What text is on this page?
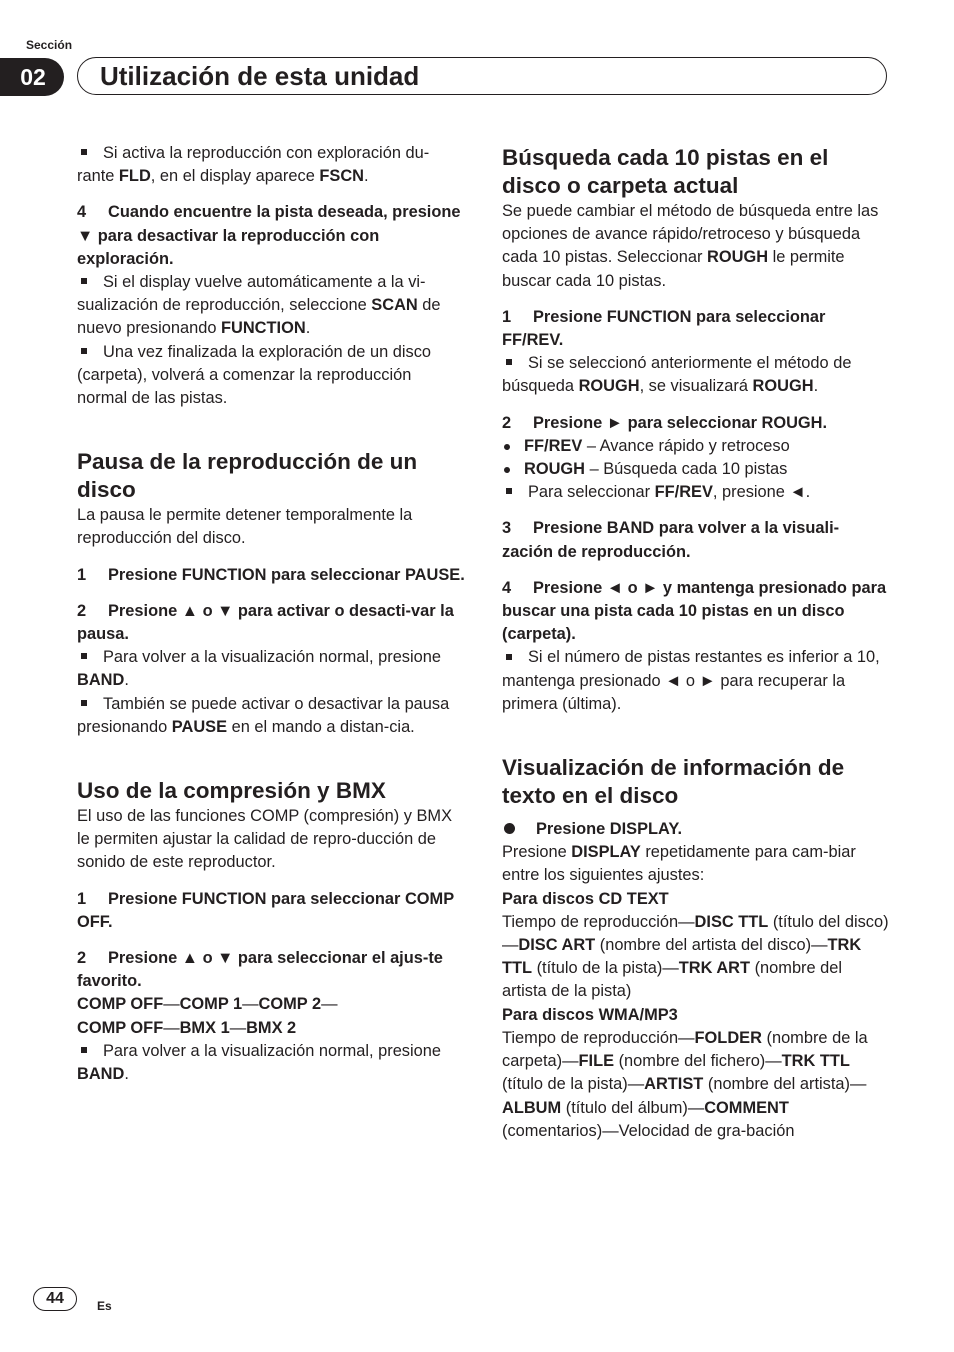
Sección
02	Utilización de esta unidad

Si activa la reproducción con exploración du-rante FLD, en el display aparece FSCN.

4 Cuando encuentre la pista deseada, presione ▼ para desactivar la reproducción con exploración.

Si el display vuelve automáticamente a la vi-sualización de reproducción, seleccione SCAN de nuevo presionando FUNCTION.

Una vez finalizada la exploración de un disco (carpeta), volverá a comenzar la reproducción normal de las pistas.

Pausa de la reproducción de un disco

La pausa le permite detener temporalmente la reproducción del disco.

1 Presione FUNCTION para seleccionar PAUSE.

2 Presione ▲ o ▼ para activar o desacti-var la pausa.

Para volver a la visualización normal, presione BAND.

También se puede activar o desactivar la pausa presionando PAUSE en el mando a distan-cia.

Uso de la compresión y BMX

El uso de las funciones COMP (compresión) y BMX le permiten ajustar la calidad de repro-ducción de sonido de este reproductor.

1 Presione FUNCTION para seleccionar COMP OFF.

2 Presione ▲ o ▼ para seleccionar el ajus-te favorito.

COMP OFF—COMP 1—COMP 2—

COMP OFF—BMX 1—BMX 2

Para volver a la visualización normal, presione BAND.

Búsqueda cada 10 pistas en el disco o carpeta actual

Se puede cambiar el método de búsqueda entre las opciones de avance rápido/retroceso y búsqueda cada 10 pistas. Seleccionar ROUGH le permite buscar cada 10 pistas.

1 Presione FUNCTION para seleccionar FF/REV.

Si se seleccionó anteriormente el método de búsqueda ROUGH, se visualizará ROUGH.

2 Presione ► para seleccionar ROUGH.

FF/REV – Avance rápido y retroceso

ROUGH – Búsqueda cada 10 pistas

Para seleccionar FF/REV, presione ◄.

3 Presione BAND para volver a la visuali-zación de reproducción.

4 Presione ◄ o ► y mantenga presionado para buscar una pista cada 10 pistas en un disco (carpeta).

Si el número de pistas restantes es inferior a 10, mantenga presionado ◄ o ► para recuperar la primera (última).

Visualización de información de texto en el disco

Presione DISPLAY.

Presione DISPLAY repetidamente para cam-biar entre los siguientes ajustes:

Para discos CD TEXT

Tiempo de reproducción—DISC TTL (título del disco)—DISC ART (nombre del artista del disco)—TRK TTL (título de la pista)—TRK ART (nombre del artista de la pista)

Para discos WMA/MP3

Tiempo de reproducción—FOLDER (nombre de la carpeta)—FILE (nombre del fichero)—TRK TTL (título de la pista)—ARTIST (nombre del artista)—ALBUM (título del álbum)—COMMENT (comentarios)—Velocidad de gra-bación

44	Es
